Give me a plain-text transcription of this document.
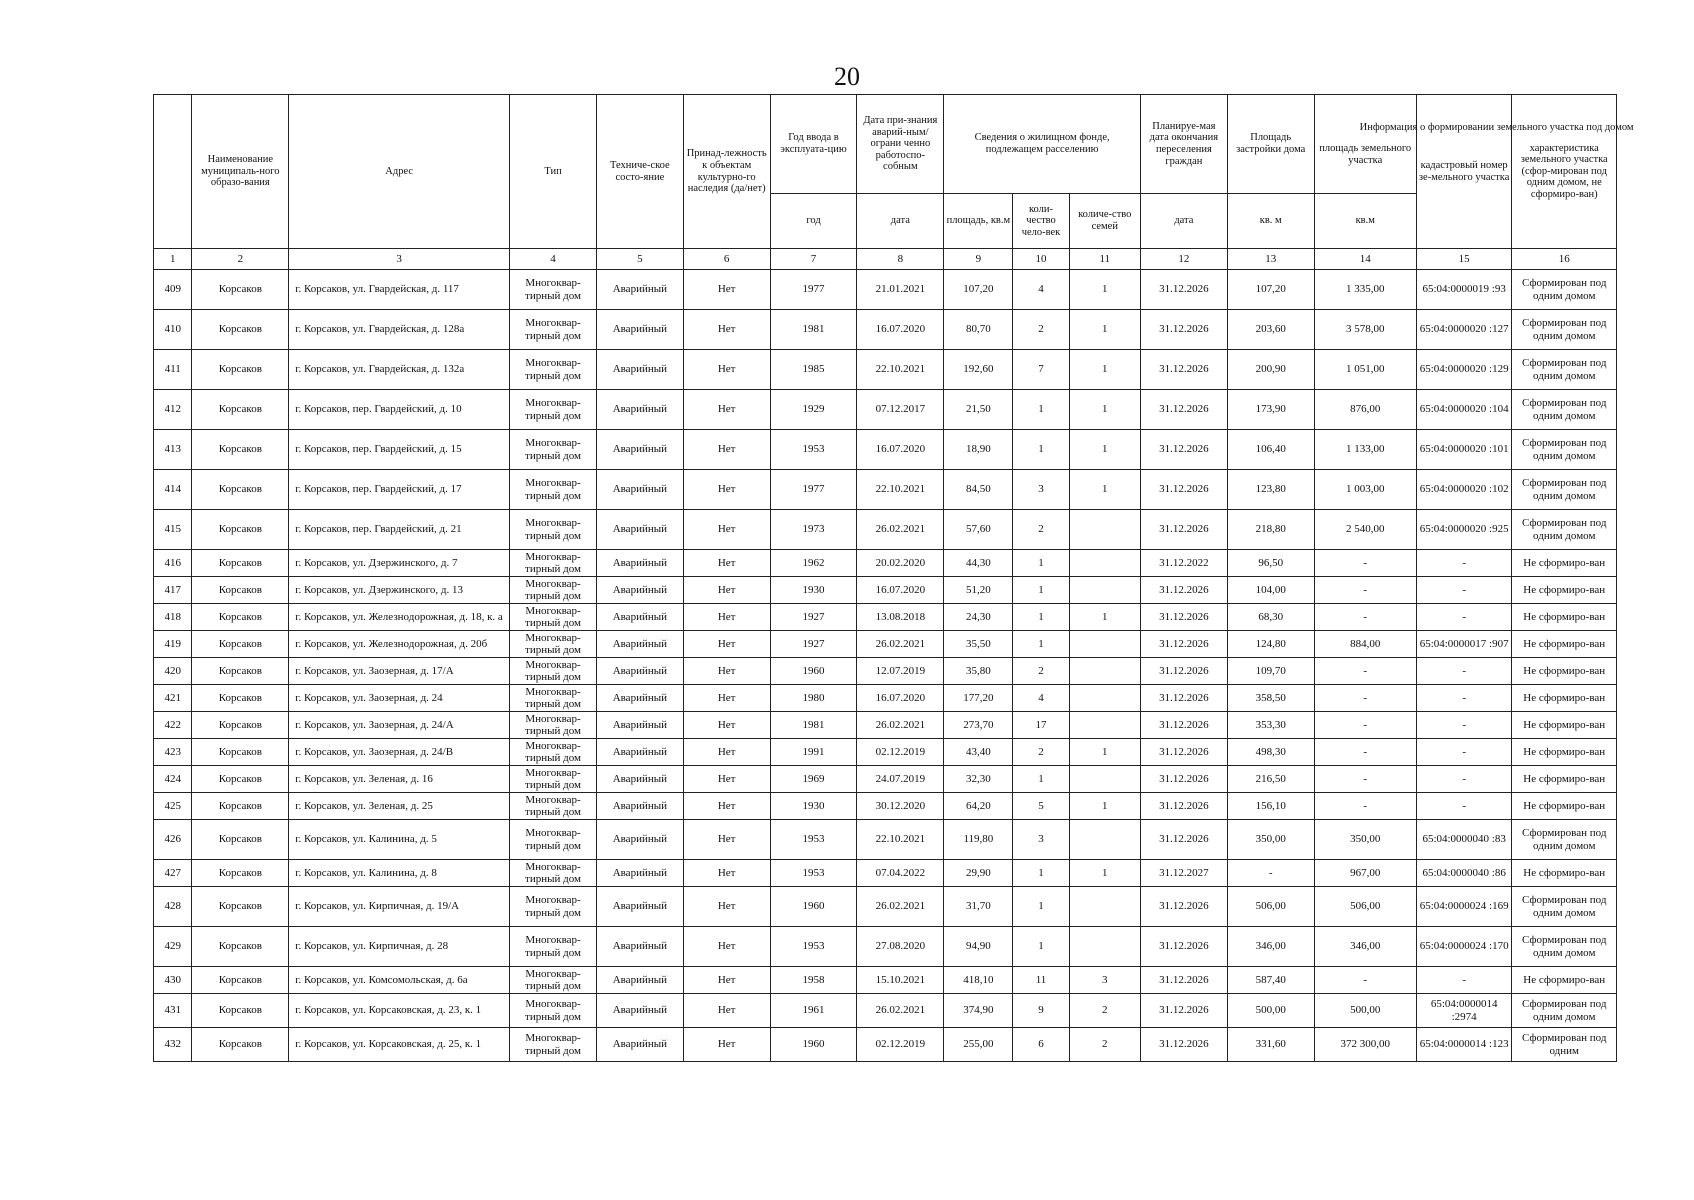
20
	Наименование муниципаль-ного образо-вания	Адрес	Тип	Техниче-ское состо-яние	Принад-лежность к объектам культурно-го наследия (да/нет)	Год ввода в эксплуата-цию	Дата при-знания аварий-ным/ограни ченно работоспо-собным	Сведения о жилищном фонде, подлежащем расселению			Планируе-мая дата окончания переселения граждан	Площадь застройки дома	Информация о формировании земельного участка под домом
площадь земельного участка	кадастровый номер зе-мельного участка	характеристика земельного участка (сфор-мирован под одним домом, не сформиро-ван)
						год	дата	площадь, кв.м	коли-чество чело-век	количе-ство семей	дата	кв. м	кв.м		
1	2	3	4	5	6	7	8	9	10	11	12	13	14	15	16
409	Корсаков	г. Корсаков, ул. Гвардейская, д. 117	Многоквар-тирный дом	Аварийный	Нет	1977	21.01.2021	107,20	4	1	31.12.2026	107,20	1 335,00	65:04:0000019 :93	Сформирован под одним домом
410	Корсаков	г. Корсаков, ул. Гвардейская, д. 128а	Многоквар-тирный дом	Аварийный	Нет	1981	16.07.2020	80,70	2	1	31.12.2026	203,60	3 578,00	65:04:0000020 :127	Сформирован под одним домом
411	Корсаков	г. Корсаков, ул. Гвардейская, д. 132а	Многоквар-тирный дом	Аварийный	Нет	1985	22.10.2021	192,60	7	1	31.12.2026	200,90	1 051,00	65:04:0000020 :129	Сформирован под одним домом
412	Корсаков	г. Корсаков, пер. Гвардейский, д. 10	Многоквар-тирный дом	Аварийный	Нет	1929	07.12.2017	21,50	1	1	31.12.2026	173,90	876,00	65:04:0000020 :104	Сформирован под одним домом
413	Корсаков	г. Корсаков, пер. Гвардейский, д. 15	Многоквар-тирный дом	Аварийный	Нет	1953	16.07.2020	18,90	1	1	31.12.2026	106,40	1 133,00	65:04:0000020 :101	Сформирован под одним домом
414	Корсаков	г. Корсаков, пер. Гвардейский, д. 17	Многоквар-тирный дом	Аварийный	Нет	1977	22.10.2021	84,50	3	1	31.12.2026	123,80	1 003,00	65:04:0000020 :102	Сформирован под одним домом
415	Корсаков	г. Корсаков, пер. Гвардейский, д. 21	Многоквар-тирный дом	Аварийный	Нет	1973	26.02.2021	57,60	2		31.12.2026	218,80	2 540,00	65:04:0000020 :925	Сформирован под одним домом
416	Корсаков	г. Корсаков, ул. Дзержинского, д. 7	Многоквар-тирный дом	Аварийный	Нет	1962	20.02.2020	44,30	1		31.12.2022	96,50	-	-	Не сформиро-ван
417	Корсаков	г. Корсаков, ул. Дзержинского, д. 13	Многоквар-тирный дом	Аварийный	Нет	1930	16.07.2020	51,20	1		31.12.2026	104,00	-	-	Не сформиро-ван
418	Корсаков	г. Корсаков, ул. Железнодорожная, д. 18, к. а	Многоквар-тирный дом	Аварийный	Нет	1927	13.08.2018	24,30	1	1	31.12.2026	68,30	-	-	Не сформиро-ван
419	Корсаков	г. Корсаков, ул. Железнодорожная, д. 20б	Многоквар-тирный дом	Аварийный	Нет	1927	26.02.2021	35,50	1		31.12.2026	124,80	884,00	65:04:0000017 :907	Не сформиро-ван
420	Корсаков	г. Корсаков, ул. Заозерная, д. 17/А	Многоквар-тирный дом	Аварийный	Нет	1960	12.07.2019	35,80	2		31.12.2026	109,70	-	-	Не сформиро-ван
421	Корсаков	г. Корсаков, ул. Заозерная, д. 24	Многоквар-тирный дом	Аварийный	Нет	1980	16.07.2020	177,20	4		31.12.2026	358,50	-	-	Не сформиро-ван
422	Корсаков	г. Корсаков, ул. Заозерная, д. 24/А	Многоквар-тирный дом	Аварийный	Нет	1981	26.02.2021	273,70	17		31.12.2026	353,30	-	-	Не сформиро-ван
423	Корсаков	г. Корсаков, ул. Заозерная, д. 24/В	Многоквар-тирный дом	Аварийный	Нет	1991	02.12.2019	43,40	2	1	31.12.2026	498,30	-	-	Не сформиро-ван
424	Корсаков	г. Корсаков, ул. Зеленая, д. 16	Многоквар-тирный дом	Аварийный	Нет	1969	24.07.2019	32,30	1		31.12.2026	216,50	-	-	Не сформиро-ван
425	Корсаков	г. Корсаков, ул. Зеленая, д. 25	Многоквар-тирный дом	Аварийный	Нет	1930	30.12.2020	64,20	5	1	31.12.2026	156,10	-	-	Не сформиро-ван
426	Корсаков	г. Корсаков, ул. Калинина, д. 5	Многоквар-тирный дом	Аварийный	Нет	1953	22.10.2021	119,80	3		31.12.2026	350,00	350,00	65:04:0000040 :83	Сформирован под одним домом
427	Корсаков	г. Корсаков, ул. Калинина, д. 8	Многоквар-тирный дом	Аварийный	Нет	1953	07.04.2022	29,90	1	1	31.12.2027	-	967,00	65:04:0000040 :86	Не сформиро-ван
428	Корсаков	г. Корсаков, ул. Кирпичная, д. 19/А	Многоквар-тирный дом	Аварийный	Нет	1960	26.02.2021	31,70	1		31.12.2026	506,00	506,00	65:04:0000024 :169	Сформирован под одним домом
429	Корсаков	г. Корсаков, ул. Кирпичная, д. 28	Многоквар-тирный дом	Аварийный	Нет	1953	27.08.2020	94,90	1		31.12.2026	346,00	346,00	65:04:0000024 :170	Сформирован под одним домом
430	Корсаков	г. Корсаков, ул. Комсомольская, д. 6а	Многоквар-тирный дом	Аварийный	Нет	1958	15.10.2021	418,10	11	3	31.12.2026	587,40	-	-	Не сформиро-ван
431	Корсаков	г. Корсаков, ул. Корсаковская, д. 23, к. 1	Многоквар-тирный дом	Аварийный	Нет	1961	26.02.2021	374,90	9	2	31.12.2026	500,00	500,00	65:04:0000014 :2974	Сформирован под одним домом
432	Корсаков	г. Корсаков, ул. Корсаковская, д. 25, к. 1	Многоквар-тирный дом	Аварийный	Нет	1960	02.12.2019	255,00	6	2	31.12.2026	331,60	372 300,00	65:04:0000014 :123	Сформирован под одним
